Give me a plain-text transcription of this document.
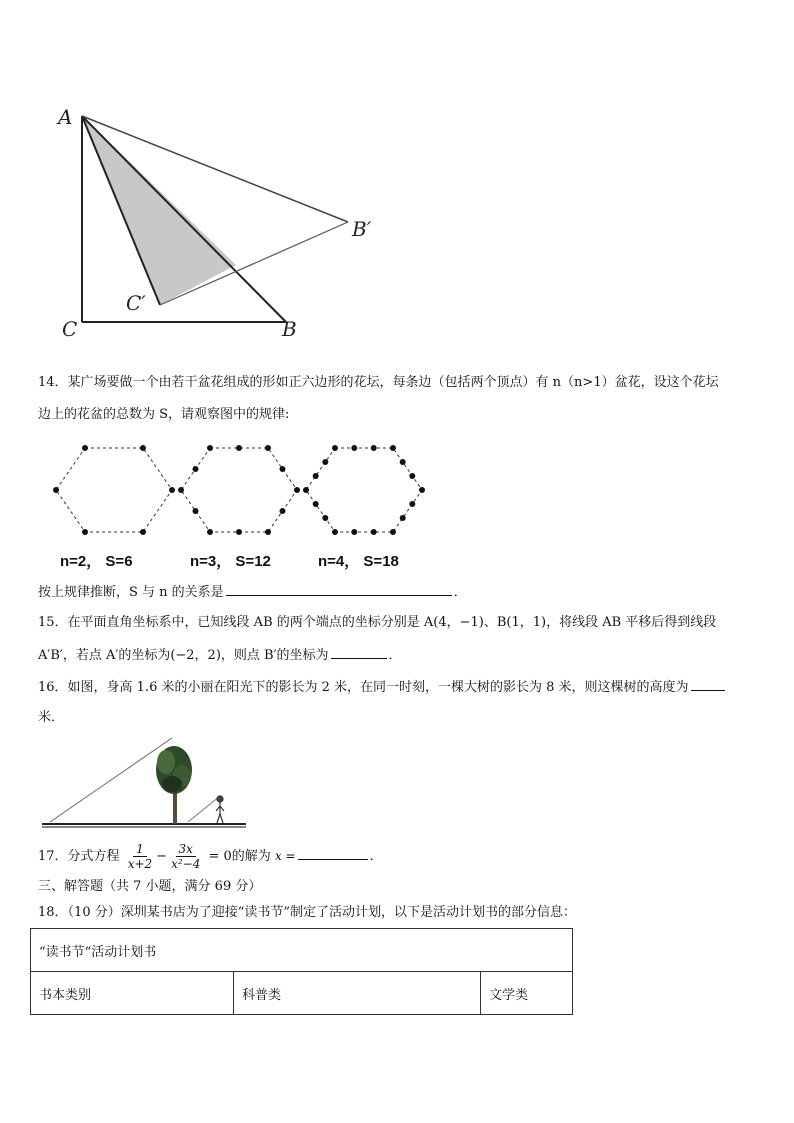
A
B′
C′
C	B
14．某广场要做一个由若干盆花组成的形如正六边形的花坛，每条边（包括两个顶点）有 n（n>1）盆花，设这个花坛
边上的花盆的总数为 S，请观察图中的规律:
n=2， S=6	n=3， S=12	n=4， S=18
按上规律推断，S 与 n 的关系是	．
15．在平面直角坐标系中，已知线段 AB 的两个端点的坐标分别是 A(4，−1)、B(1，1)，将线段 AB 平移后得到线段
A′B′，若点 A′的坐标为(−2，2)，则点 B′的坐标为	．
16．如图，身高 1.6 米的小丽在阳光下的影长为 2 米，在同一时刻，一棵大树的影长为 8 米，则这棵树的高度为
米．
17．分式方程 $\frac{1}{x+2} - \frac{3x}{\text{x²−4}} = 0$的解为 x =	．
三、解答题（共 7 小题，满分 69 分）
18．（10 分）深圳某书店为了迎接“读书节”制定了活动计划，以下是活动计划书的部分信息：
“读书节“活动计划书
书本类别	科普类	文学类
